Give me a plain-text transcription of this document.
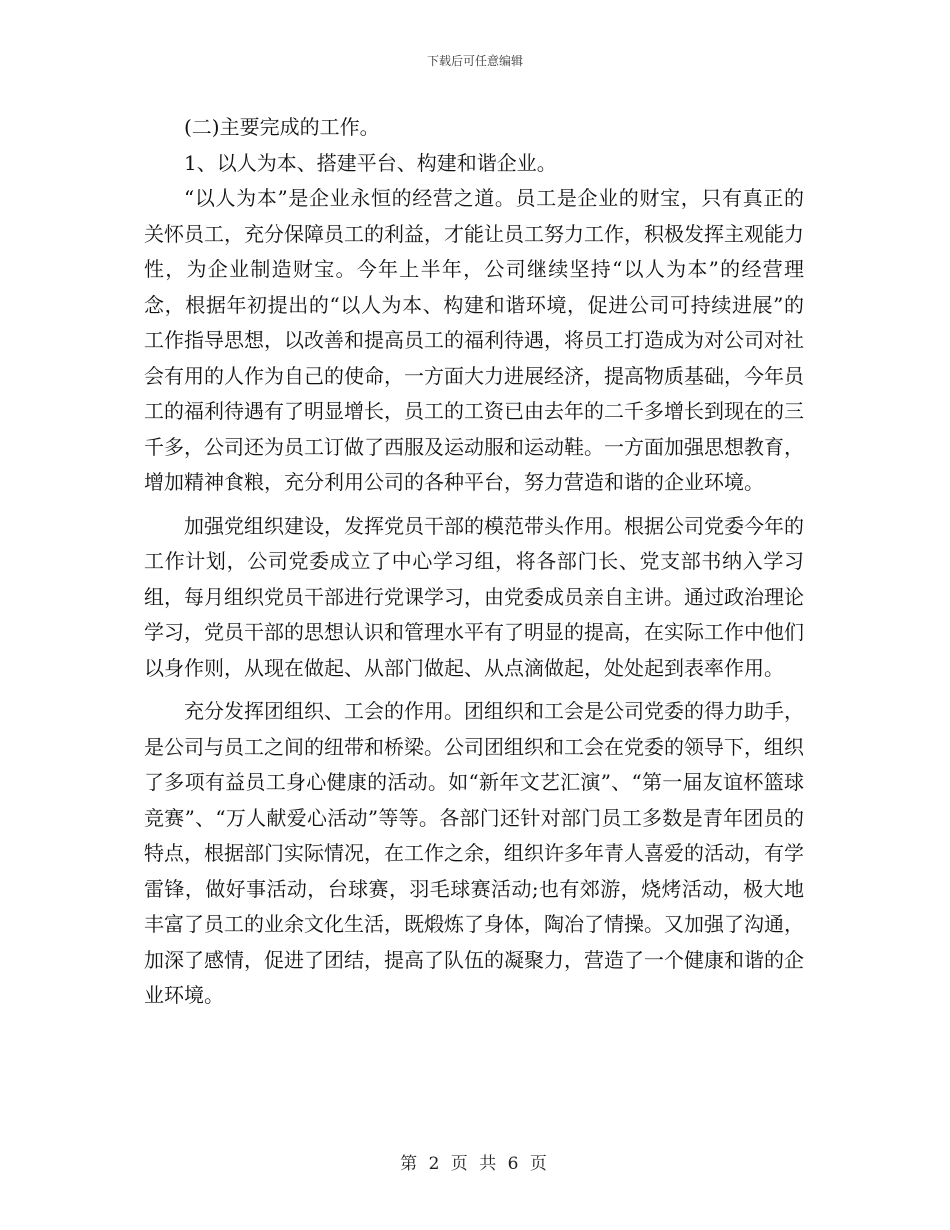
下载后可任意编辑

(二)主要完成的工作。

1、以人为本、搭建平台、构建和谐企业。

“以人为本”是企业永恒的经营之道。员工是企业的财宝，只有真正的关怀员工，充分保障员工的利益，才能让员工努力工作，积极发挥主观能力性，为企业制造财宝。今年上半年，公司继续坚持“以人为本”的经营理念，根据年初提出的“以人为本、构建和谐环境，促进公司可持续进展”的工作指导思想，以改善和提高员工的福利待遇，将员工打造成为对公司对社会有用的人作为自己的使命，一方面大力进展经济，提高物质基础，今年员工的福利待遇有了明显增长，员工的工资已由去年的二千多增长到现在的三千多，公司还为员工订做了西服及运动服和运动鞋。一方面加强思想教育，增加精神食粮，充分利用公司的各种平台，努力营造和谐的企业环境。

加强党组织建设，发挥党员干部的模范带头作用。根据公司党委今年的工作计划，公司党委成立了中心学习组，将各部门长、党支部书纳入学习组，每月组织党员干部进行党课学习，由党委成员亲自主讲。通过政治理论学习，党员干部的思想认识和管理水平有了明显的提高，在实际工作中他们以身作则，从现在做起、从部门做起、从点滴做起，处处起到表率作用。

充分发挥团组织、工会的作用。团组织和工会是公司党委的得力助手，是公司与员工之间的纽带和桥梁。公司团组织和工会在党委的领导下，组织了多项有益员工身心健康的活动。如“新年文艺汇演”、“第一届友谊杯篮球竞赛”、“万人献爱心活动”等等。各部门还针对部门员工多数是青年团员的特点，根据部门实际情况，在工作之余，组织许多年青人喜爱的活动，有学雷锋，做好事活动，台球赛，羽毛球赛活动;也有郊游，烧烤活动，极大地丰富了员工的业余文化生活，既煅炼了身体，陶冶了情操。又加强了沟通，加深了感情，促进了团结，提高了队伍的凝聚力，营造了一个健康和谐的企业环境。

第 2 页 共 6 页
